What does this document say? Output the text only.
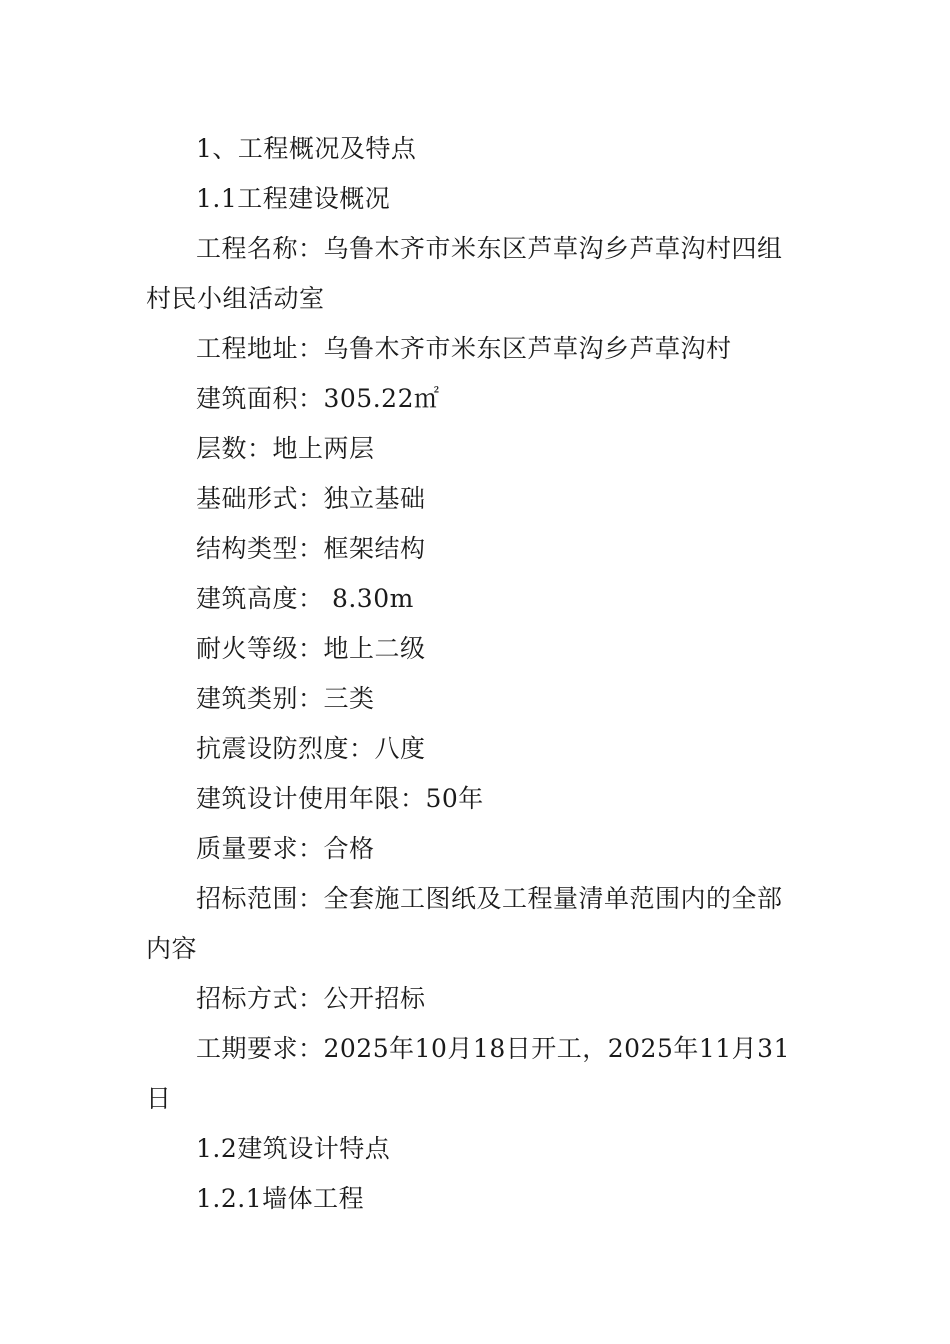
1、工程概况及特点

1.1工程建设概况

工程名称：乌鲁木齐市米东区芦草沟乡芦草沟村四组村民小组活动室

工程地址：乌鲁木齐市米东区芦草沟乡芦草沟村

建筑面积：305.22㎡

层数：地上两层

基础形式：独立基础

结构类型：框架结构

建筑高度： 8.30m

耐火等级：地上二级

建筑类别：三类

抗震设防烈度：八度

建筑设计使用年限：50年

质量要求：合格

招标范围：全套施工图纸及工程量清单范围内的全部内容

招标方式：公开招标

工期要求：2025年10月18日开工，2025年11月31日

1.2建筑设计特点

1.2.1墙体工程
